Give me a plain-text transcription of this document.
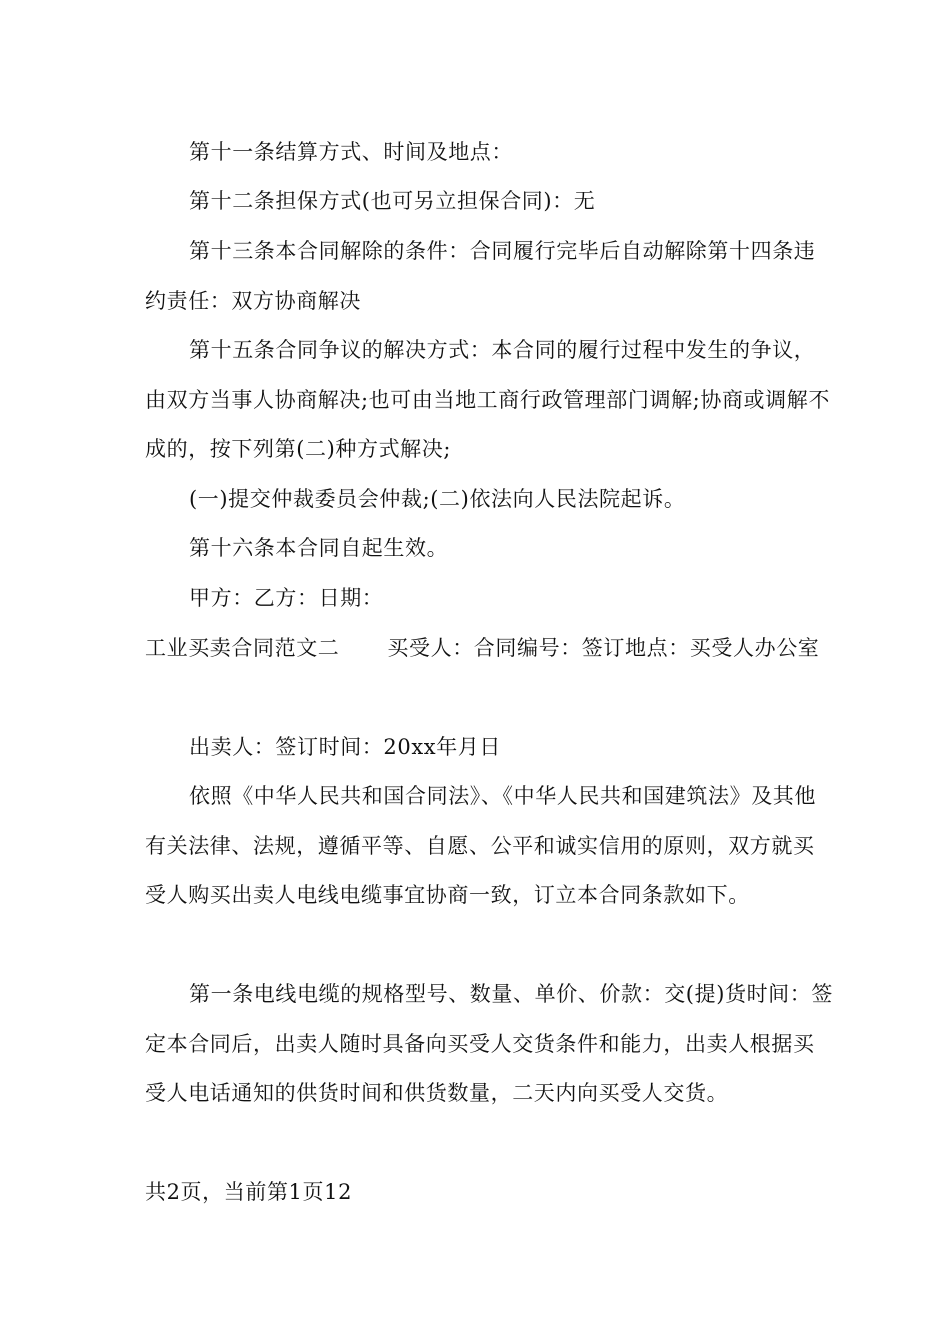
第十一条结算方式、时间及地点：
第十二条担保方式(也可另立担保合同)：无
第十三条本合同解除的条件：合同履行完毕后自动解除第十四条违约责任：双方协商解决
第十五条合同争议的解决方式：本合同的履行过程中发生的争议，由双方当事人协商解决;也可由当地工商行政管理部门调解;协商或调解不成的，按下列第(二)种方式解决;
(一)提交仲裁委员会仲裁;(二)依法向人民法院起诉。
第十六条本合同自起生效。
甲方：乙方：日期：
工业买卖合同范文二 买受人：合同编号：签订地点：买受人办公室
出卖人：签订时间：20xx年月日
依照《中华人民共和国合同法》、《中华人民共和国建筑法》及其他有关法律、法规，遵循平等、自愿、公平和诚实信用的原则，双方就买受人购买出卖人电线电缆事宜协商一致，订立本合同条款如下。
第一条电线电缆的规格型号、数量、单价、价款：交(提)货时间：签定本合同后，出卖人随时具备向买受人交货条件和能力，出卖人根据买受人电话通知的供货时间和供货数量，二天内向买受人交货。
共2页，当前第1页12
